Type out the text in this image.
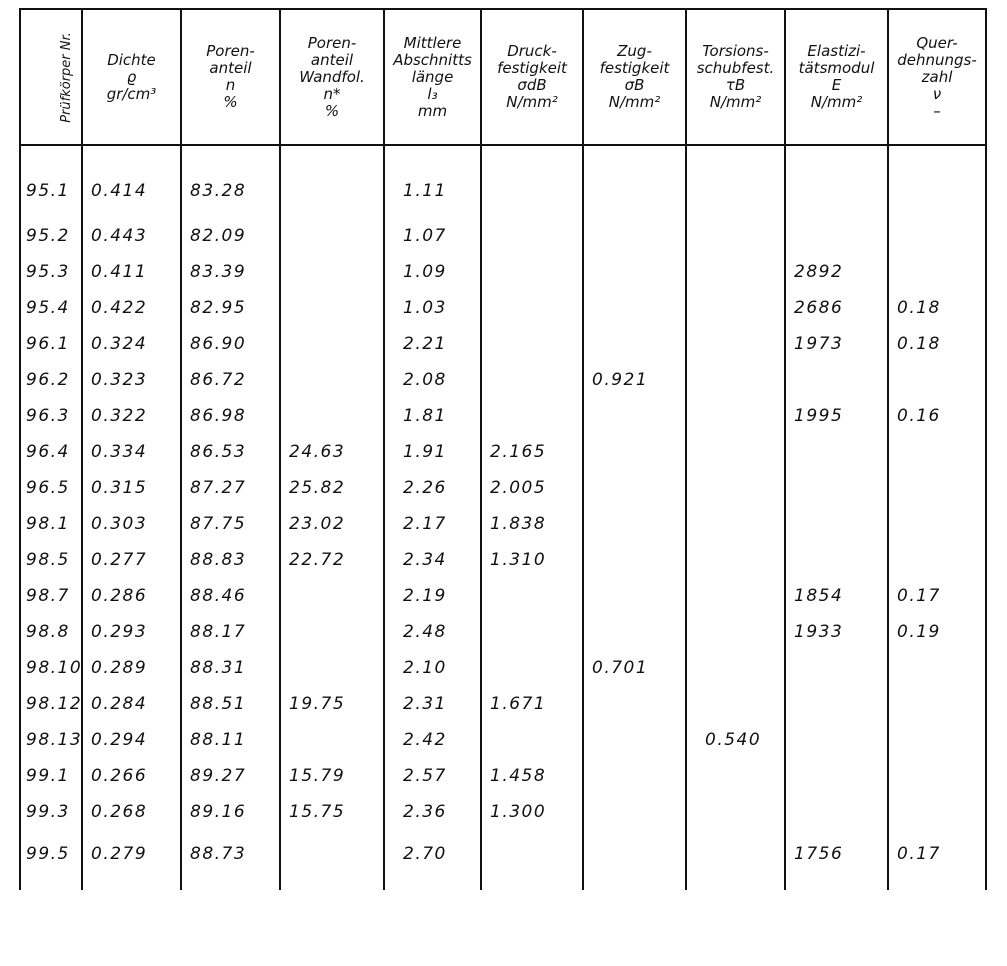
Prüfkörper Nr.	Dichte
ϱ
gr/cm³	Poren-
anteil
n
%	Poren-
anteil
Wandfol.
n*
%	Mittlere
Abschnitts
länge
l₃
mm	Druck-
festigkeit
σdB
N/mm²	Zug-
festigkeit
σB
N/mm²	Torsions-
schubfest.
τB
N/mm²	Elastizi-
tätsmodul
E
N/mm²	Quer-
dehnungs-
zahl
ν
–

95.1	0.414	83.28		1.11					
95.2	0.443	82.09		1.07					
95.3	0.411	83.39		1.09				2892	
95.4	0.422	82.95		1.03				2686	0.18
96.1	0.324	86.90		2.21				1973	0.18
96.2	0.323	86.72		2.08		0.921			
96.3	0.322	86.98		1.81				1995	0.16
96.4	0.334	86.53	24.63	1.91	2.165				
96.5	0.315	87.27	25.82	2.26	2.005				
98.1	0.303	87.75	23.02	2.17	1.838				
98.5	0.277	88.83	22.72	2.34	1.310				
98.7	0.286	88.46		2.19				1854	0.17
98.8	0.293	88.17		2.48				1933	0.19
98.10	0.289	88.31		2.10		0.701			
98.12	0.284	88.51	19.75	2.31	1.671				
98.13	0.294	88.11		2.42			0.540		
99.1	0.266	89.27	15.79	2.57	1.458				
99.3	0.268	89.16	15.75	2.36	1.300				
99.5	0.279	88.73		2.70				1756	0.17
